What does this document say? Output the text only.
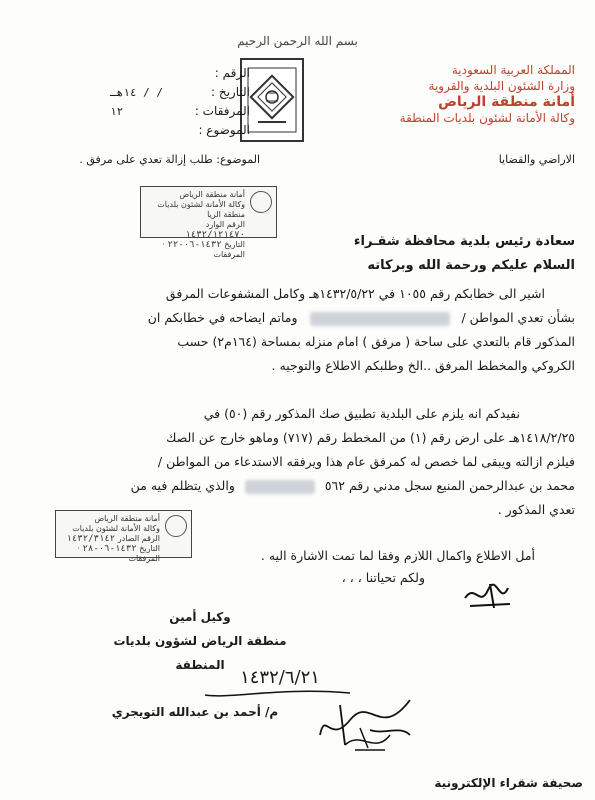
بسم الله الرحمن الرحيم
المملكة العربية السعودية
وزارة الشئون البلدية والقروية
أمانة منطقة الرياض
وكالة الأمانة لشئون بلديات المنطقة
الرقم :
التاريخ :
/ / ١٤هـ
المرفقات :
١٢
الموضوع :
الموضوع: طلب إزالة تعدي على مرفق .	الاراضي والقضايا
أمانة منطقة الرياض
وكالة الأمانة لشئون بلديات منطقة الريا
الرقم الوارد ١٤٣٢/١٢١٤٧٠
التاريخ ١٤٣٢-٠٦-٢٢ · المرفقات
أمانة منطقة الرياض
وكالة الأمانة لشئون بلديات
الرقم الصادر ١٤٣٢/٣١٤٢
التاريخ ١٤٣٢-٠٦-٢٨ · المرفقات
سعادة رئيس بلدية محافظة شقـراء
السلام عليكم ورحمة الله وبركاته
اشير الى خطابكم رقم ١٠٥٥ في ١٤٣٢/٥/٢٢هـ وكامل المشفوعات المرفق
بشأن تعدي المواطن /  وماتم ايضاحه في خطابكم ان
المذكور قام بالتعدي على ساحة ( مرفق ) امام منزله بمساحة (١٦٤م٢) حسب
الكروكي والمخطط المرفق ..الخ وطلبكم الاطلاع والتوجيه .
نفيدكم انه يلزم على البلدية تطبيق صك المذكور رقم (٥٠) في
١٤١٨/٢/٢٥هـ على ارض رقم (١) من المخطط رقم (٧١٧) وماهو خارج عن الصك
فيلزم ازالته ويبقى لما خصص له كمرفق عام هذا ويرفقه الاستدعاء من المواطن /
محمد بن عبدالرحمن المنيع سجل مدني رقم ٥٦٢  والذي يتظلم فيه من
تعدي المذكور .
أمل الاطلاع واكمال اللازم وفقا لما تمت الاشارة اليه .
ولكم تحياتنا ، ، ،
وكيل أمين
منطقة الرياض لشؤون بلديات المنطقة
١٤٣٢/٦/٢١
م/ أحمد بن عبدالله التويجري
صحيفة شقراء الإلكترونية
